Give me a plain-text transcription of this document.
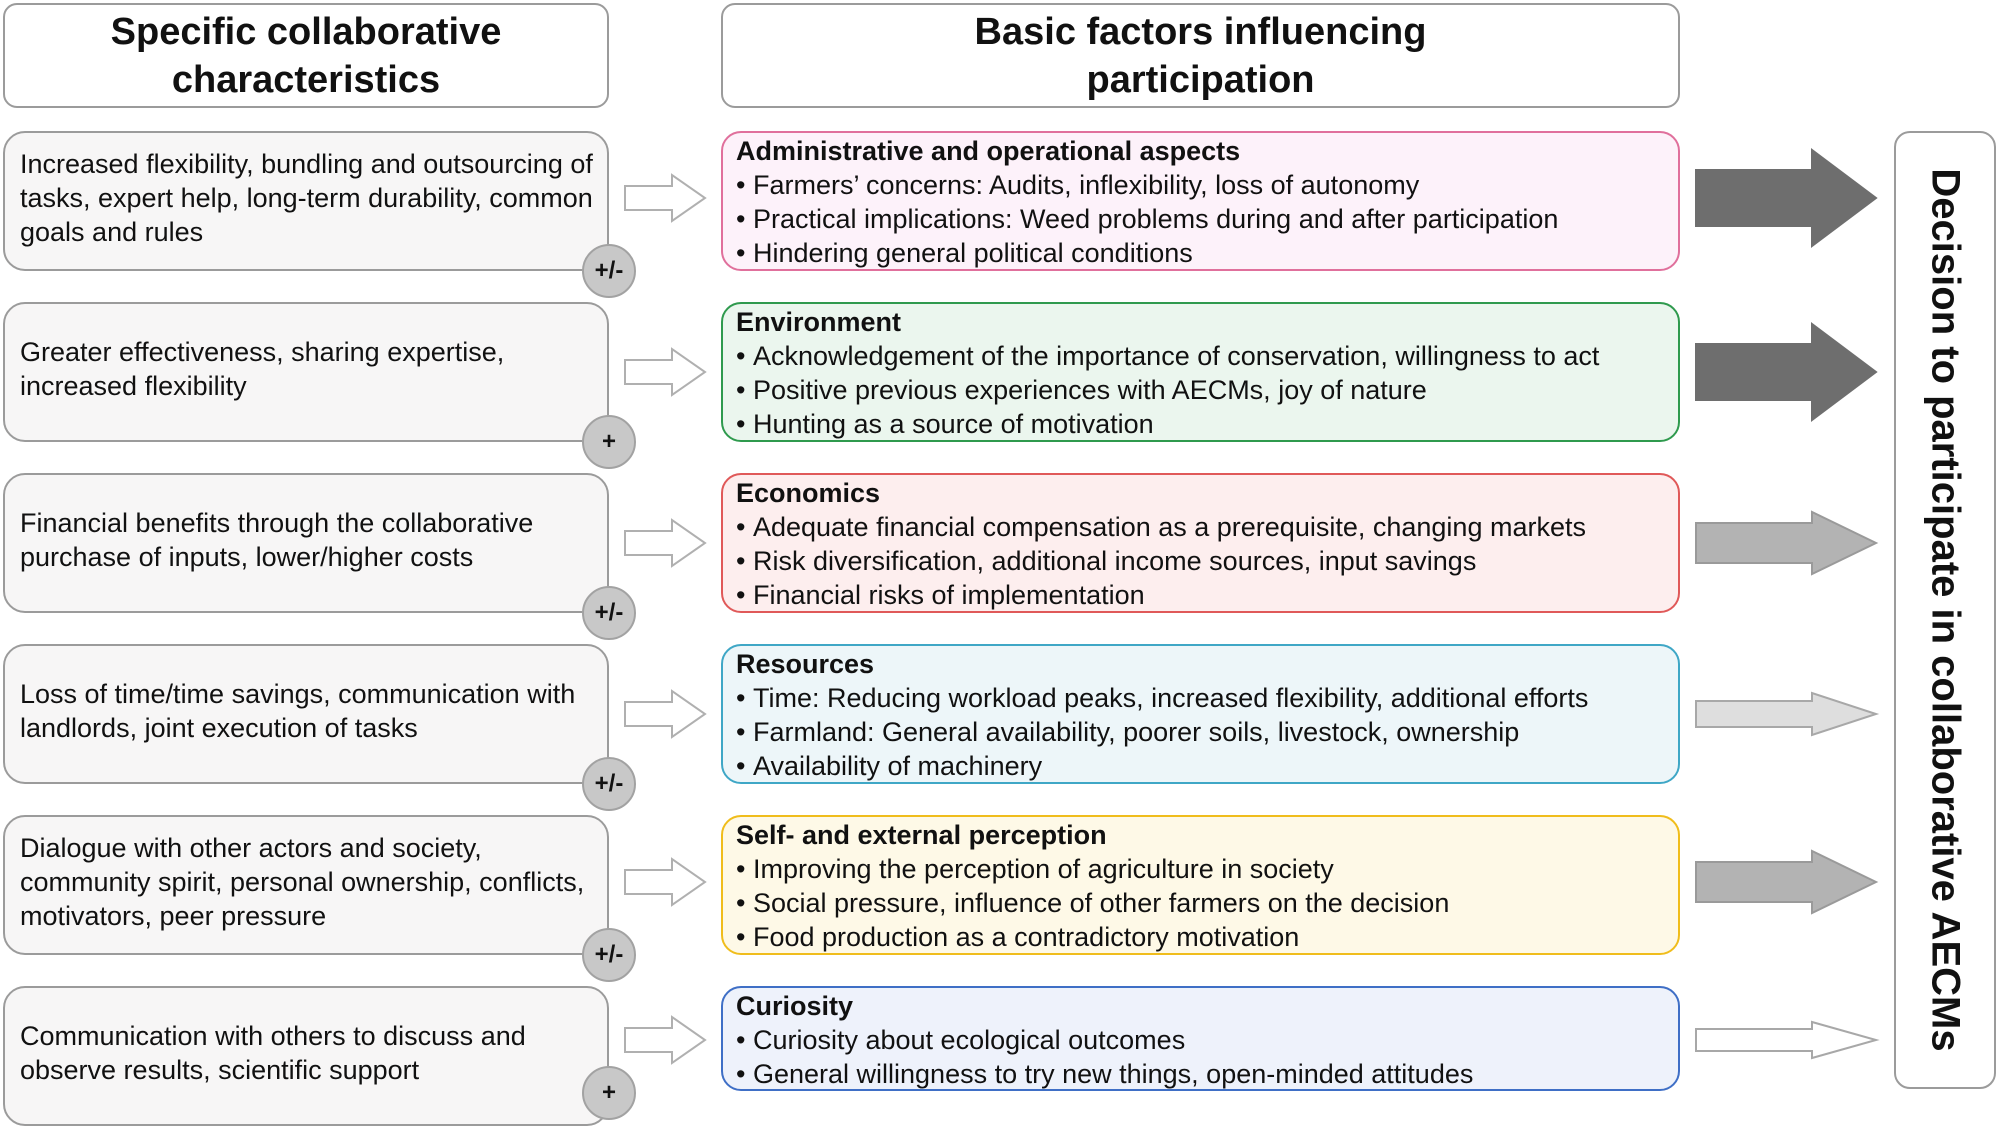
Specific collaborative characteristics
Basic factors influencing participation
Increased flexibility, bundling and outsourcing of tasks, expert help, long-term durability, common goals and rules
+/-
Administrative and operational aspects
• Farmers’ concerns: Audits, inflexibility, loss of autonomy
• Practical implications: Weed problems during and after participation
• Hindering general political conditions
Greater effectiveness, sharing expertise, increased flexibility
+
Environment
• Acknowledgement of the importance of conservation, willingness to act
• Positive previous experiences with AECMs, joy of nature
• Hunting as a source of motivation
Financial benefits through the collaborative purchase of inputs, lower/higher costs
+/-
Economics
• Adequate financial compensation as a prerequisite, changing markets
• Risk diversification, additional income sources, input savings
• Financial risks of implementation
Loss of time/time savings, communication with landlords, joint execution of tasks
+/-
Resources
• Time: Reducing workload peaks, increased flexibility, additional efforts
• Farmland: General availability, poorer soils, livestock, ownership
• Availability of machinery
Dialogue with other actors and society, community spirit, personal ownership, conflicts, motivators, peer pressure
+/-
Self- and external perception
• Improving the perception of agriculture in society
• Social pressure, influence of other farmers on the decision
• Food production as a contradictory motivation
Communication with others to discuss and observe results, scientific support
+
Curiosity
• Curiosity about ecological outcomes
• General willingness to try new things, open-minded attitudes
Decision to participate in collaborative AECMs
